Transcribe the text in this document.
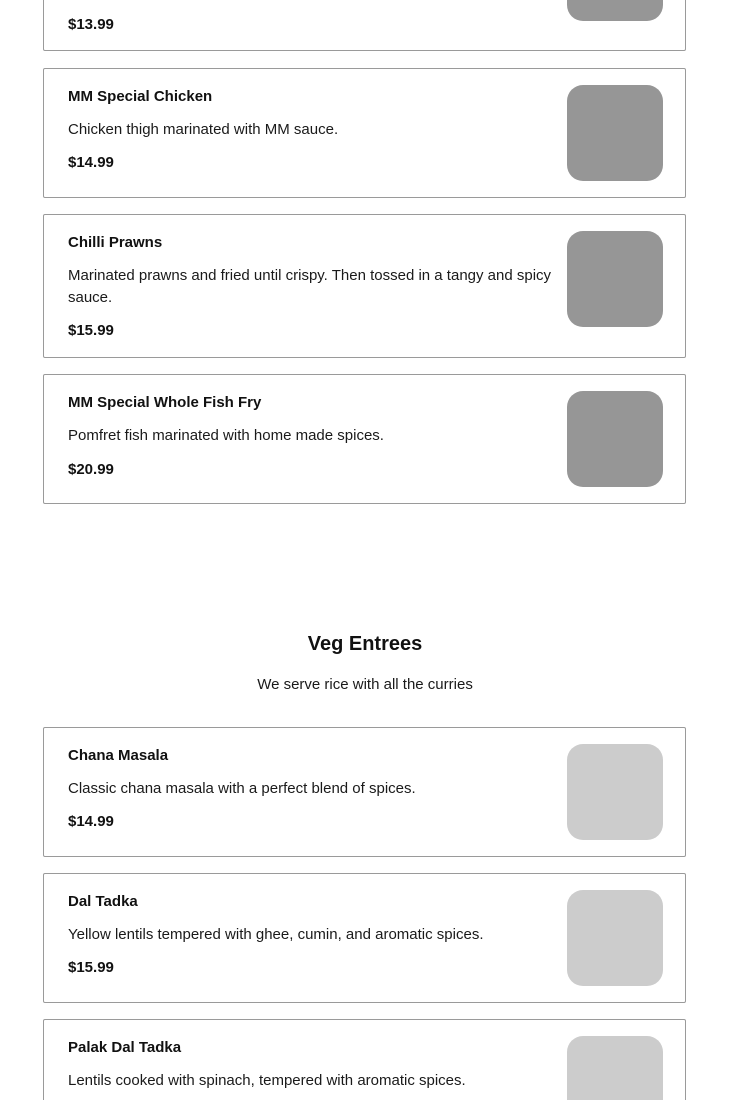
$13.99
MM Special Chicken
Chicken thigh marinated with MM sauce.
$14.99
Chilli Prawns
Marinated prawns and fried until crispy. Then tossed in a tangy and spicy sauce.
$15.99
MM Special Whole Fish Fry
Pomfret fish marinated with home made spices.
$20.99
Veg Entrees
We serve rice with all the curries
Chana Masala
Classic chana masala with a perfect blend of spices.
$14.99
Dal Tadka
Yellow lentils tempered with ghee, cumin, and aromatic spices.
$15.99
Palak Dal Tadka
Lentils cooked with spinach, tempered with aromatic spices.
